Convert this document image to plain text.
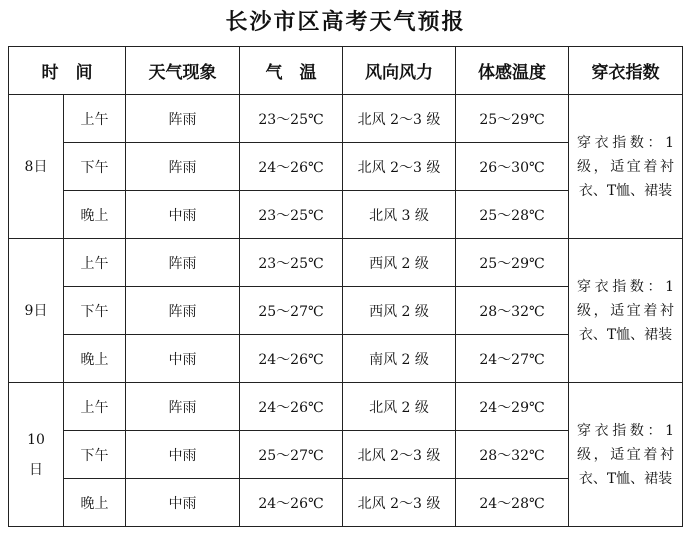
长沙市区高考天气预报
时　间		天气现象	气　温	风向风力	体感温度	穿衣指数
8日	上午	阵雨	23～25℃	北风 2～3 级	25～29℃	穿衣指数：1级，适宜着衬衣、T恤、裙装
	下午	阵雨	24～26℃	北风 2～3 级	26～30℃	
	晚上	中雨	23～25℃	北风 3 级	25～28℃	
9日	上午	阵雨	23～25℃	西风 2 级	25～29℃	穿衣指数：1级，适宜着衬衣、T恤、裙装
	下午	阵雨	25～27℃	西风 2 级	28～32℃	
	晚上	中雨	24～26℃	南风 2 级	24～27℃	
10日	上午	阵雨	24～26℃	北风 2 级	24～29℃	穿衣指数：1级，适宜着衬衣、T恤、裙装
	下午	中雨	25～27℃	北风 2～3 级	28～32℃	
	晚上	中雨	24～26℃	北风 2～3 级	24～28℃	
